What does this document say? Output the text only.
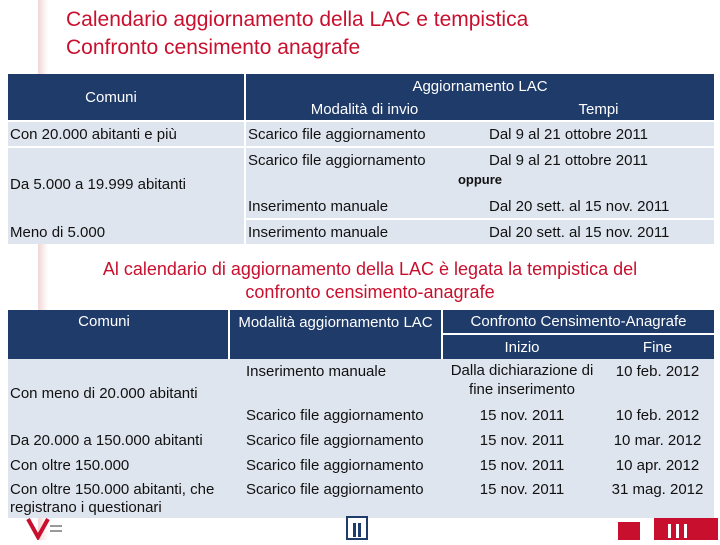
Calendario aggiornamento della LAC e tempistica
Confronto censimento anagrafe
Comuni	Aggiornamento LAC	
	Modalità di invio	Tempi
Con 20.000 abitanti e più	Scarico file aggiornamento	Dal 9 al 21 ottobre 2011

Da 5.000 a 19.999 abitanti	Scarico file aggiornamento	Dal 9 al 21 ottobre 2011
	oppure	
	Inserimento manuale	Dal 20 sett. al 15 nov. 2011

Meno di 5.000	Inserimento manuale	Dal 20 sett. al 15 nov. 2011
Al calendario di aggiornamento della LAC è legata la tempistica del
confronto censimento-anagrafe
Comuni	Modalità aggiornamento LAC	Confronto Censimento-Anagrafe	
		Inizio	Fine
Con meno di 20.000 abitanti	Inserimento manuale	Dalla dichiarazione di fine inserimento	10 feb. 2012
	Scarico file aggiornamento	15 nov. 2011	10 feb. 2012
Da 20.000 a 150.000 abitanti	Scarico file aggiornamento	15 nov. 2011	10 mar. 2012
Con oltre 150.000	Scarico file aggiornamento	15 nov. 2011	10 apr. 2012
Con oltre 150.000 abitanti, che registrano i questionari	Scarico file aggiornamento	15 nov. 2011	31 mag. 2012
